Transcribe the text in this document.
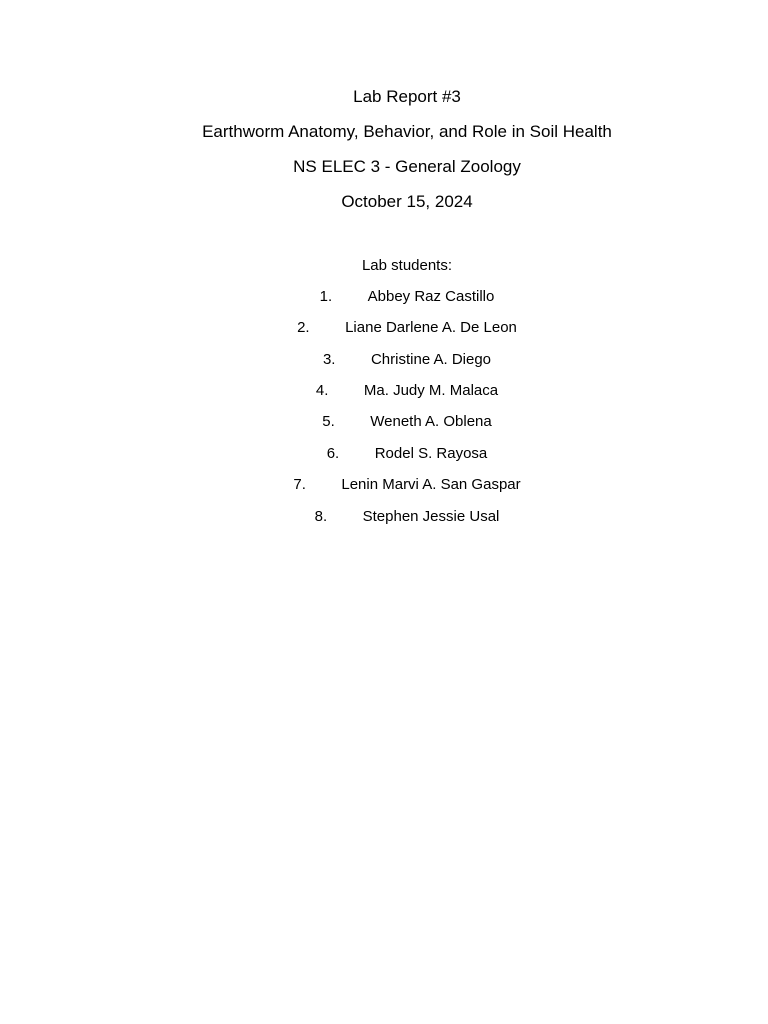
Lab Report #3
Earthworm Anatomy, Behavior, and Role in Soil Health
NS ELEC 3 - General Zoology
October 15, 2024
Lab students:
1.	Abbey Raz Castillo
2.	Liane Darlene A. De Leon
3.	Christine A. Diego
4.	Ma. Judy M. Malaca
5.	Weneth A. Oblena
6.	Rodel S. Rayosa
7.	Lenin Marvi A. San Gaspar
8.	Stephen Jessie Usal
